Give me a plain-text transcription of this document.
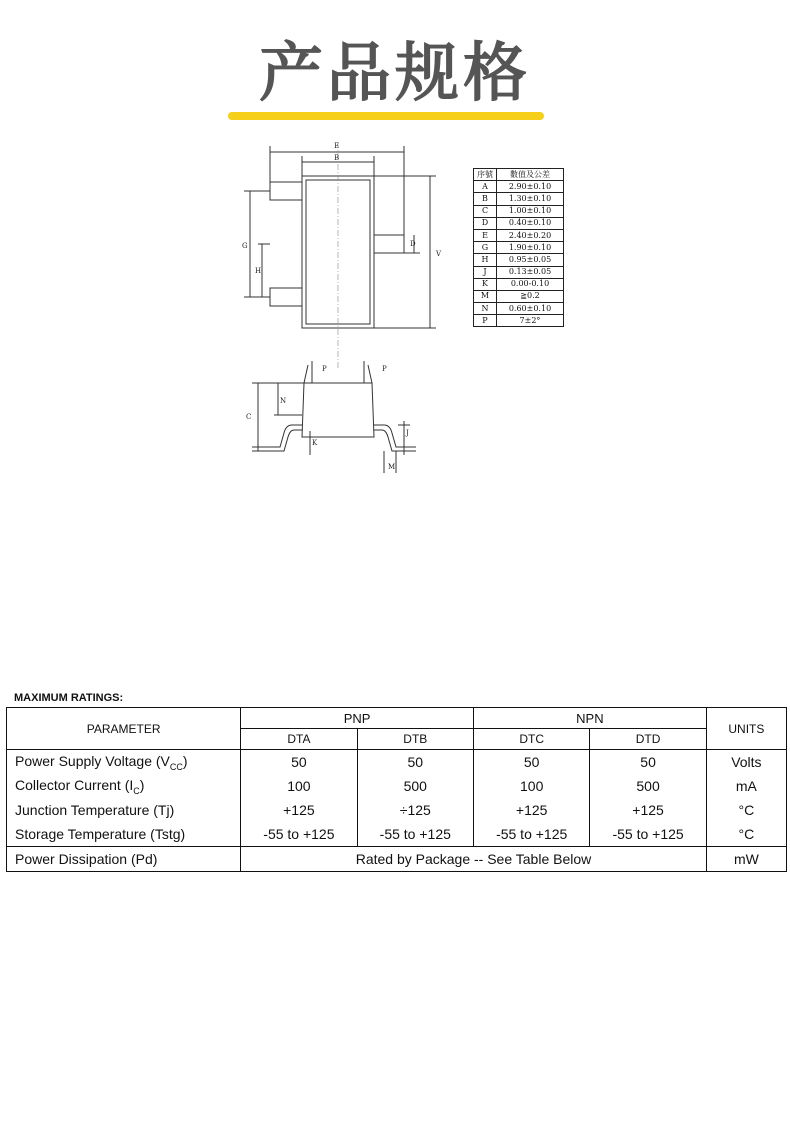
产品规格
E
B
G
H
D
V
P	P
N
C
K
J
M
序號	數值及公差
A	2.90±0.10
B	1.30±0.10
C	1.00±0.10
D	0.40±0.10
E	2.40±0.20
G	1.90±0.10
H	0.95±0.05
J	0.13±0.05
K	0.00-0.10
M	≧0.2
N	0.60±0.10
P	7±2°
MAXIMUM RATINGS:
PARAMETER	PNP		NPN		UNITS
	DTA	DTB	DTC	DTD	
Power Supply Voltage $(V_{CC})$	50	50	50	50	Volts
Collector Current $(I_C)$	100	500	100	500	mA
Junction Temperature (Tj)	+125	÷125	+125	+125	°C
Storage Temperature (Tstg)	-55 to +125	-55 to +125	-55 to +125	-55 to +125	°C
Power Dissipation (Pd)	Rated by Package -- See Table Below				mW
